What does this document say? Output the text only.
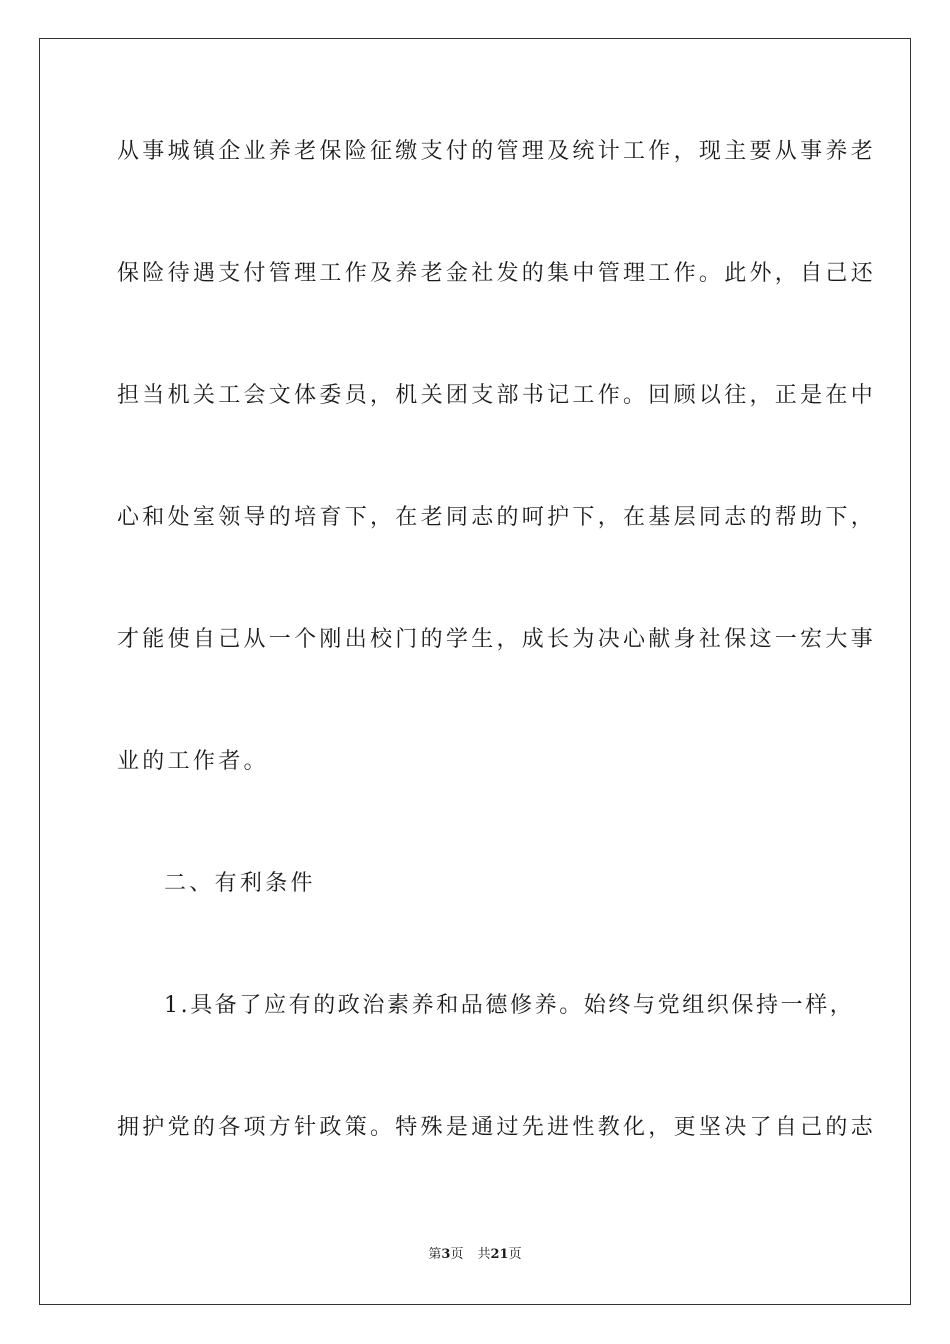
从事城镇企业养老保险征缴支付的管理及统计工作，现主要从事养老
保险待遇支付管理工作及养老金社发的集中管理工作。此外，自己还
担当机关工会文体委员，机关团支部书记工作。回顾以往，正是在中
心和处室领导的培育下，在老同志的呵护下，在基层同志的帮助下，
才能使自己从一个刚出校门的学生，成长为决心献身社保这一宏大事
业的工作者。
二、有利条件
1.具备了应有的政治素养和品德修养。始终与党组织保持一样，
拥护党的各项方针政策。特殊是通过先进性教化，更坚决了自己的志
第3页 共21页
